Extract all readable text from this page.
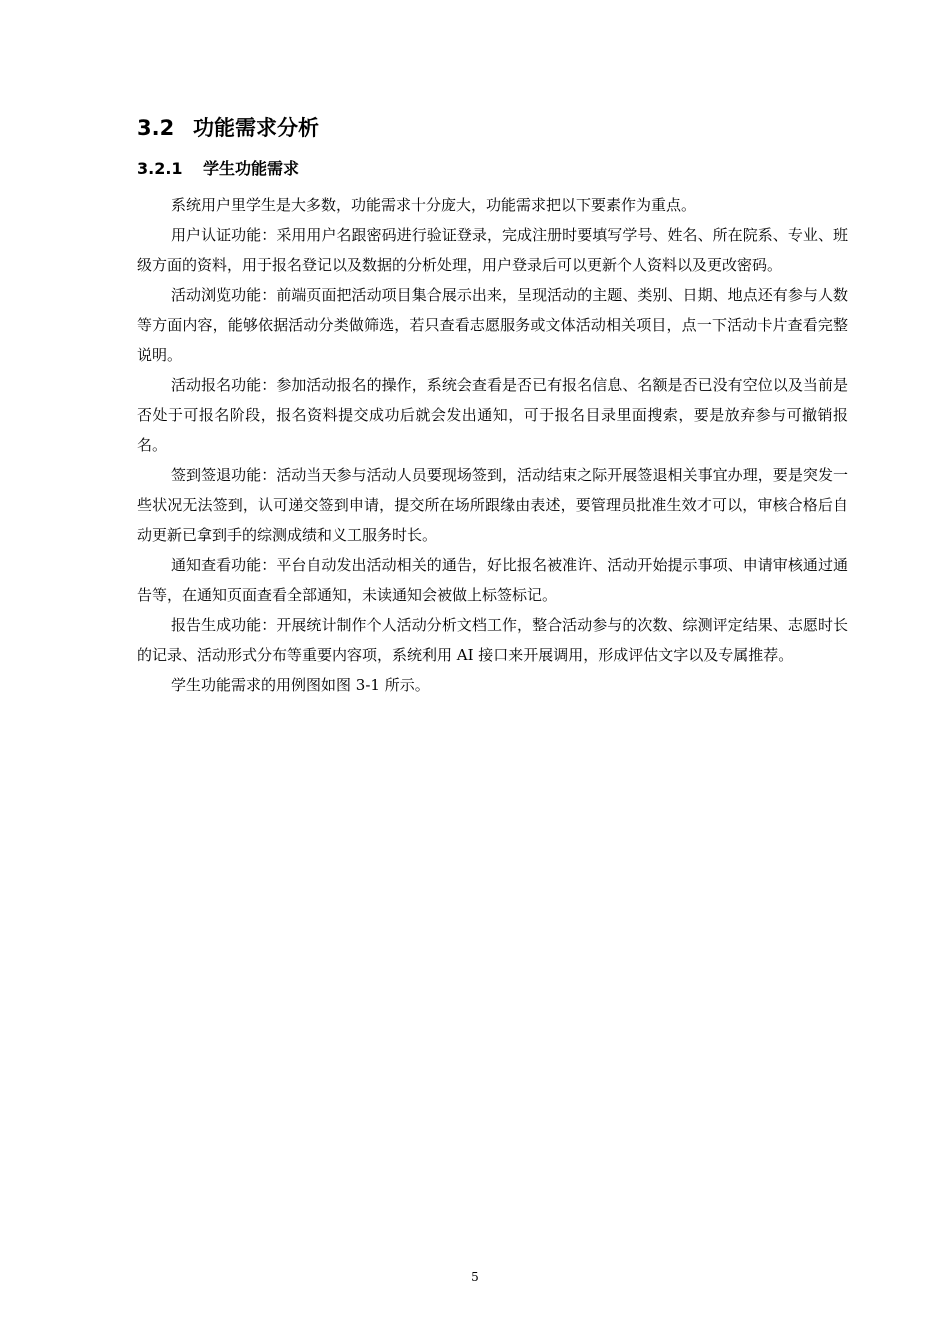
3.2 功能需求分析
3.2.1 学生功能需求

系统用户里学生是大多数，功能需求十分庞大，功能需求把以下要素作为重点。

用户认证功能：采用用户名跟密码进行验证登录，完成注册时要填写学号、姓名、所在院系、专业、班级方面的资料，用于报名登记以及数据的分析处理，用户登录后可以更新个人资料以及更改密码。

活动浏览功能：前端页面把活动项目集合展示出来，呈现活动的主题、类别、日期、地点还有参与人数等方面内容，能够依据活动分类做筛选，若只查看志愿服务或文体活动相关项目，点一下活动卡片查看完整说明。

活动报名功能：参加活动报名的操作，系统会查看是否已有报名信息、名额是否已没有空位以及当前是否处于可报名阶段，报名资料提交成功后就会发出通知，可于报名目录里面搜索，要是放弃参与可撤销报名。

签到签退功能：活动当天参与活动人员要现场签到，活动结束之际开展签退相关事宜办理，要是突发一些状况无法签到，认可递交签到申请，提交所在场所跟缘由表述，要管理员批准生效才可以，审核合格后自动更新已拿到手的综测成绩和义工服务时长。

通知查看功能：平台自动发出活动相关的通告，好比报名被准许、活动开始提示事项、申请审核通过通告等，在通知页面查看全部通知，未读通知会被做上标签标记。

报告生成功能：开展统计制作个人活动分析文档工作，整合活动参与的次数、综测评定结果、志愿时长的记录、活动形式分布等重要内容项，系统利用 AI 接口来开展调用，形成评估文字以及专属推荐。

学生功能需求的用例图如图 3-1 所示。

5
